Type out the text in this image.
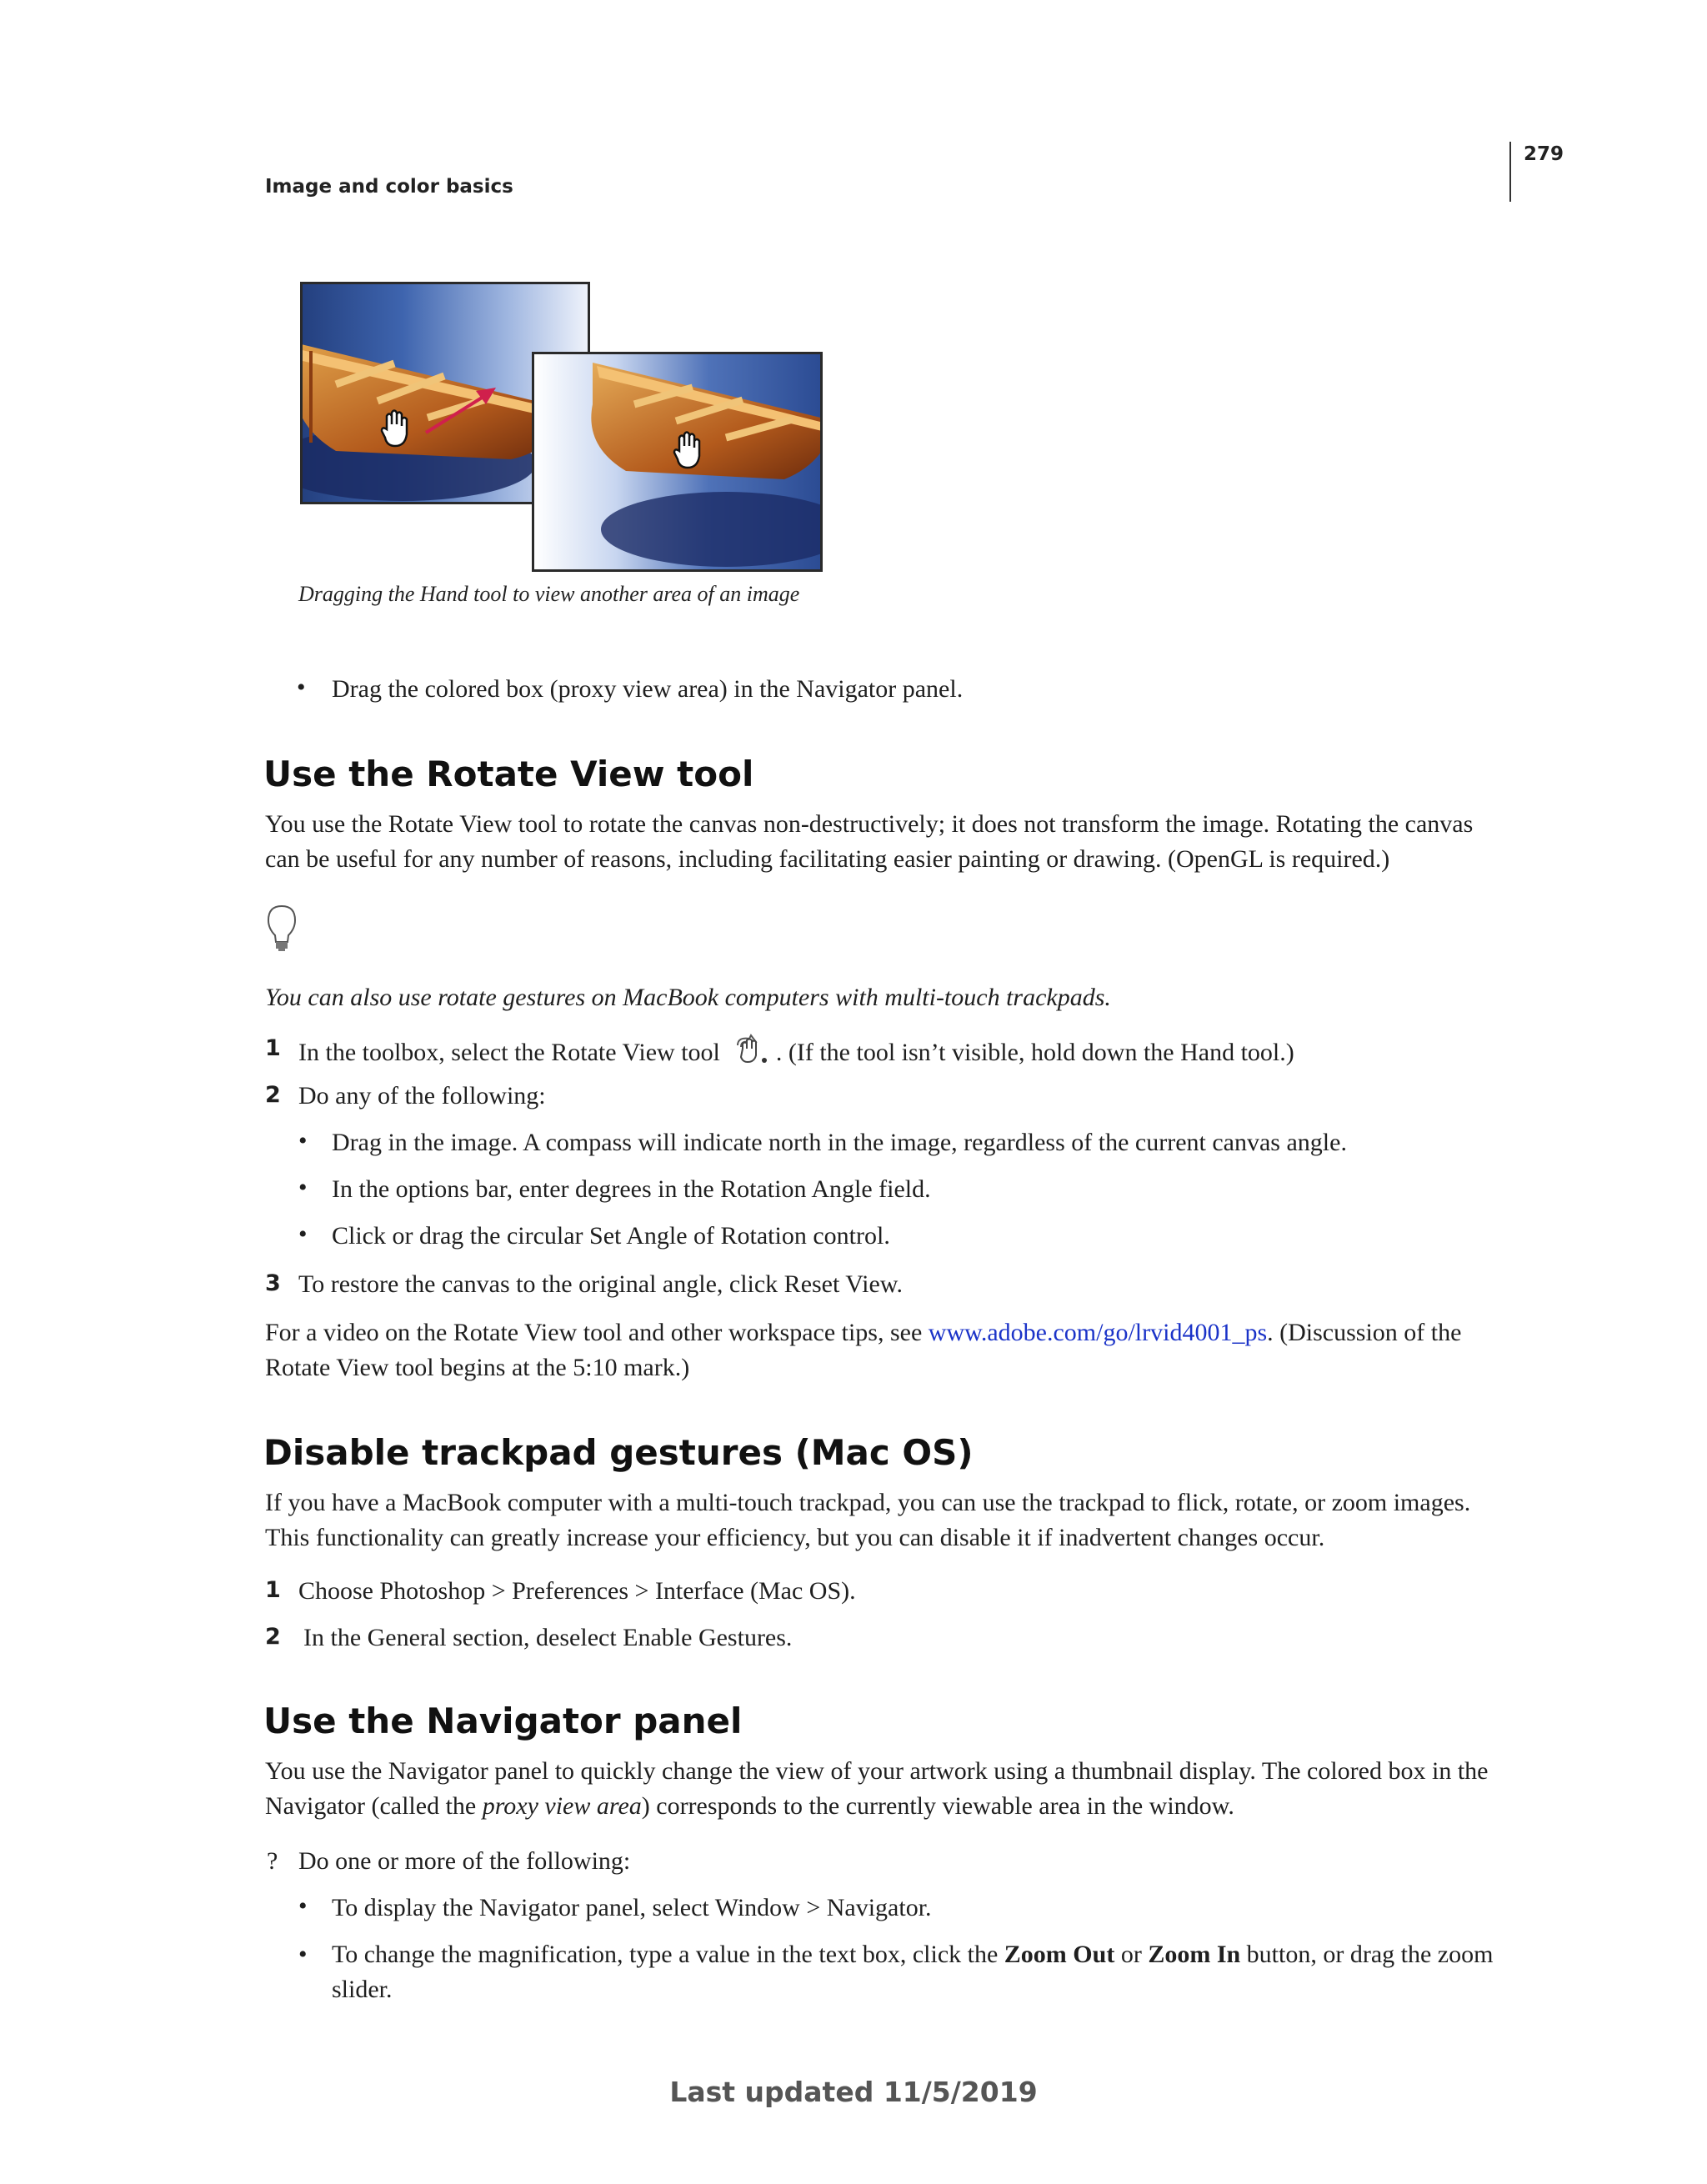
279
Image and color basics
Dragging the Hand tool to view another area of an image
• Drag the colored box (proxy view area) in the Navigator panel.
Use the Rotate View tool
You use the Rotate View tool to rotate the canvas non-destructively; it does not transform the image. Rotating the canvas can be useful for any number of reasons, including facilitating easier painting or drawing. (OpenGL is required.)
You can also use rotate gestures on MacBook computers with multi-touch trackpads.
1 In the toolbox, select the Rotate View tool . (If the tool isn’t visible, hold down the Hand tool.)
2 Do any of the following:
• Drag in the image. A compass will indicate north in the image, regardless of the current canvas angle.
• In the options bar, enter degrees in the Rotation Angle field.
• Click or drag the circular Set Angle of Rotation control.
3 To restore the canvas to the original angle, click Reset View.
For a video on the Rotate View tool and other workspace tips, see www.adobe.com/go/lrvid4001_ps. (Discussion of the Rotate View tool begins at the 5:10 mark.)
Disable trackpad gestures (Mac OS)
If you have a MacBook computer with a multi-touch trackpad, you can use the trackpad to flick, rotate, or zoom images. This functionality can greatly increase your efficiency, but you can disable it if inadvertent changes occur.
1 Choose Photoshop > Preferences > Interface (Mac OS).
2 In the General section, deselect Enable Gestures.
Use the Navigator panel
You use the Navigator panel to quickly change the view of your artwork using a thumbnail display. The colored box in the Navigator (called the proxy view area) corresponds to the currently viewable area in the window.
? Do one or more of the following:
• To display the Navigator panel, select Window > Navigator.
• To change the magnification, type a value in the text box, click the Zoom Out or Zoom In button, or drag the zoom slider.
Last updated 11/5/2019
